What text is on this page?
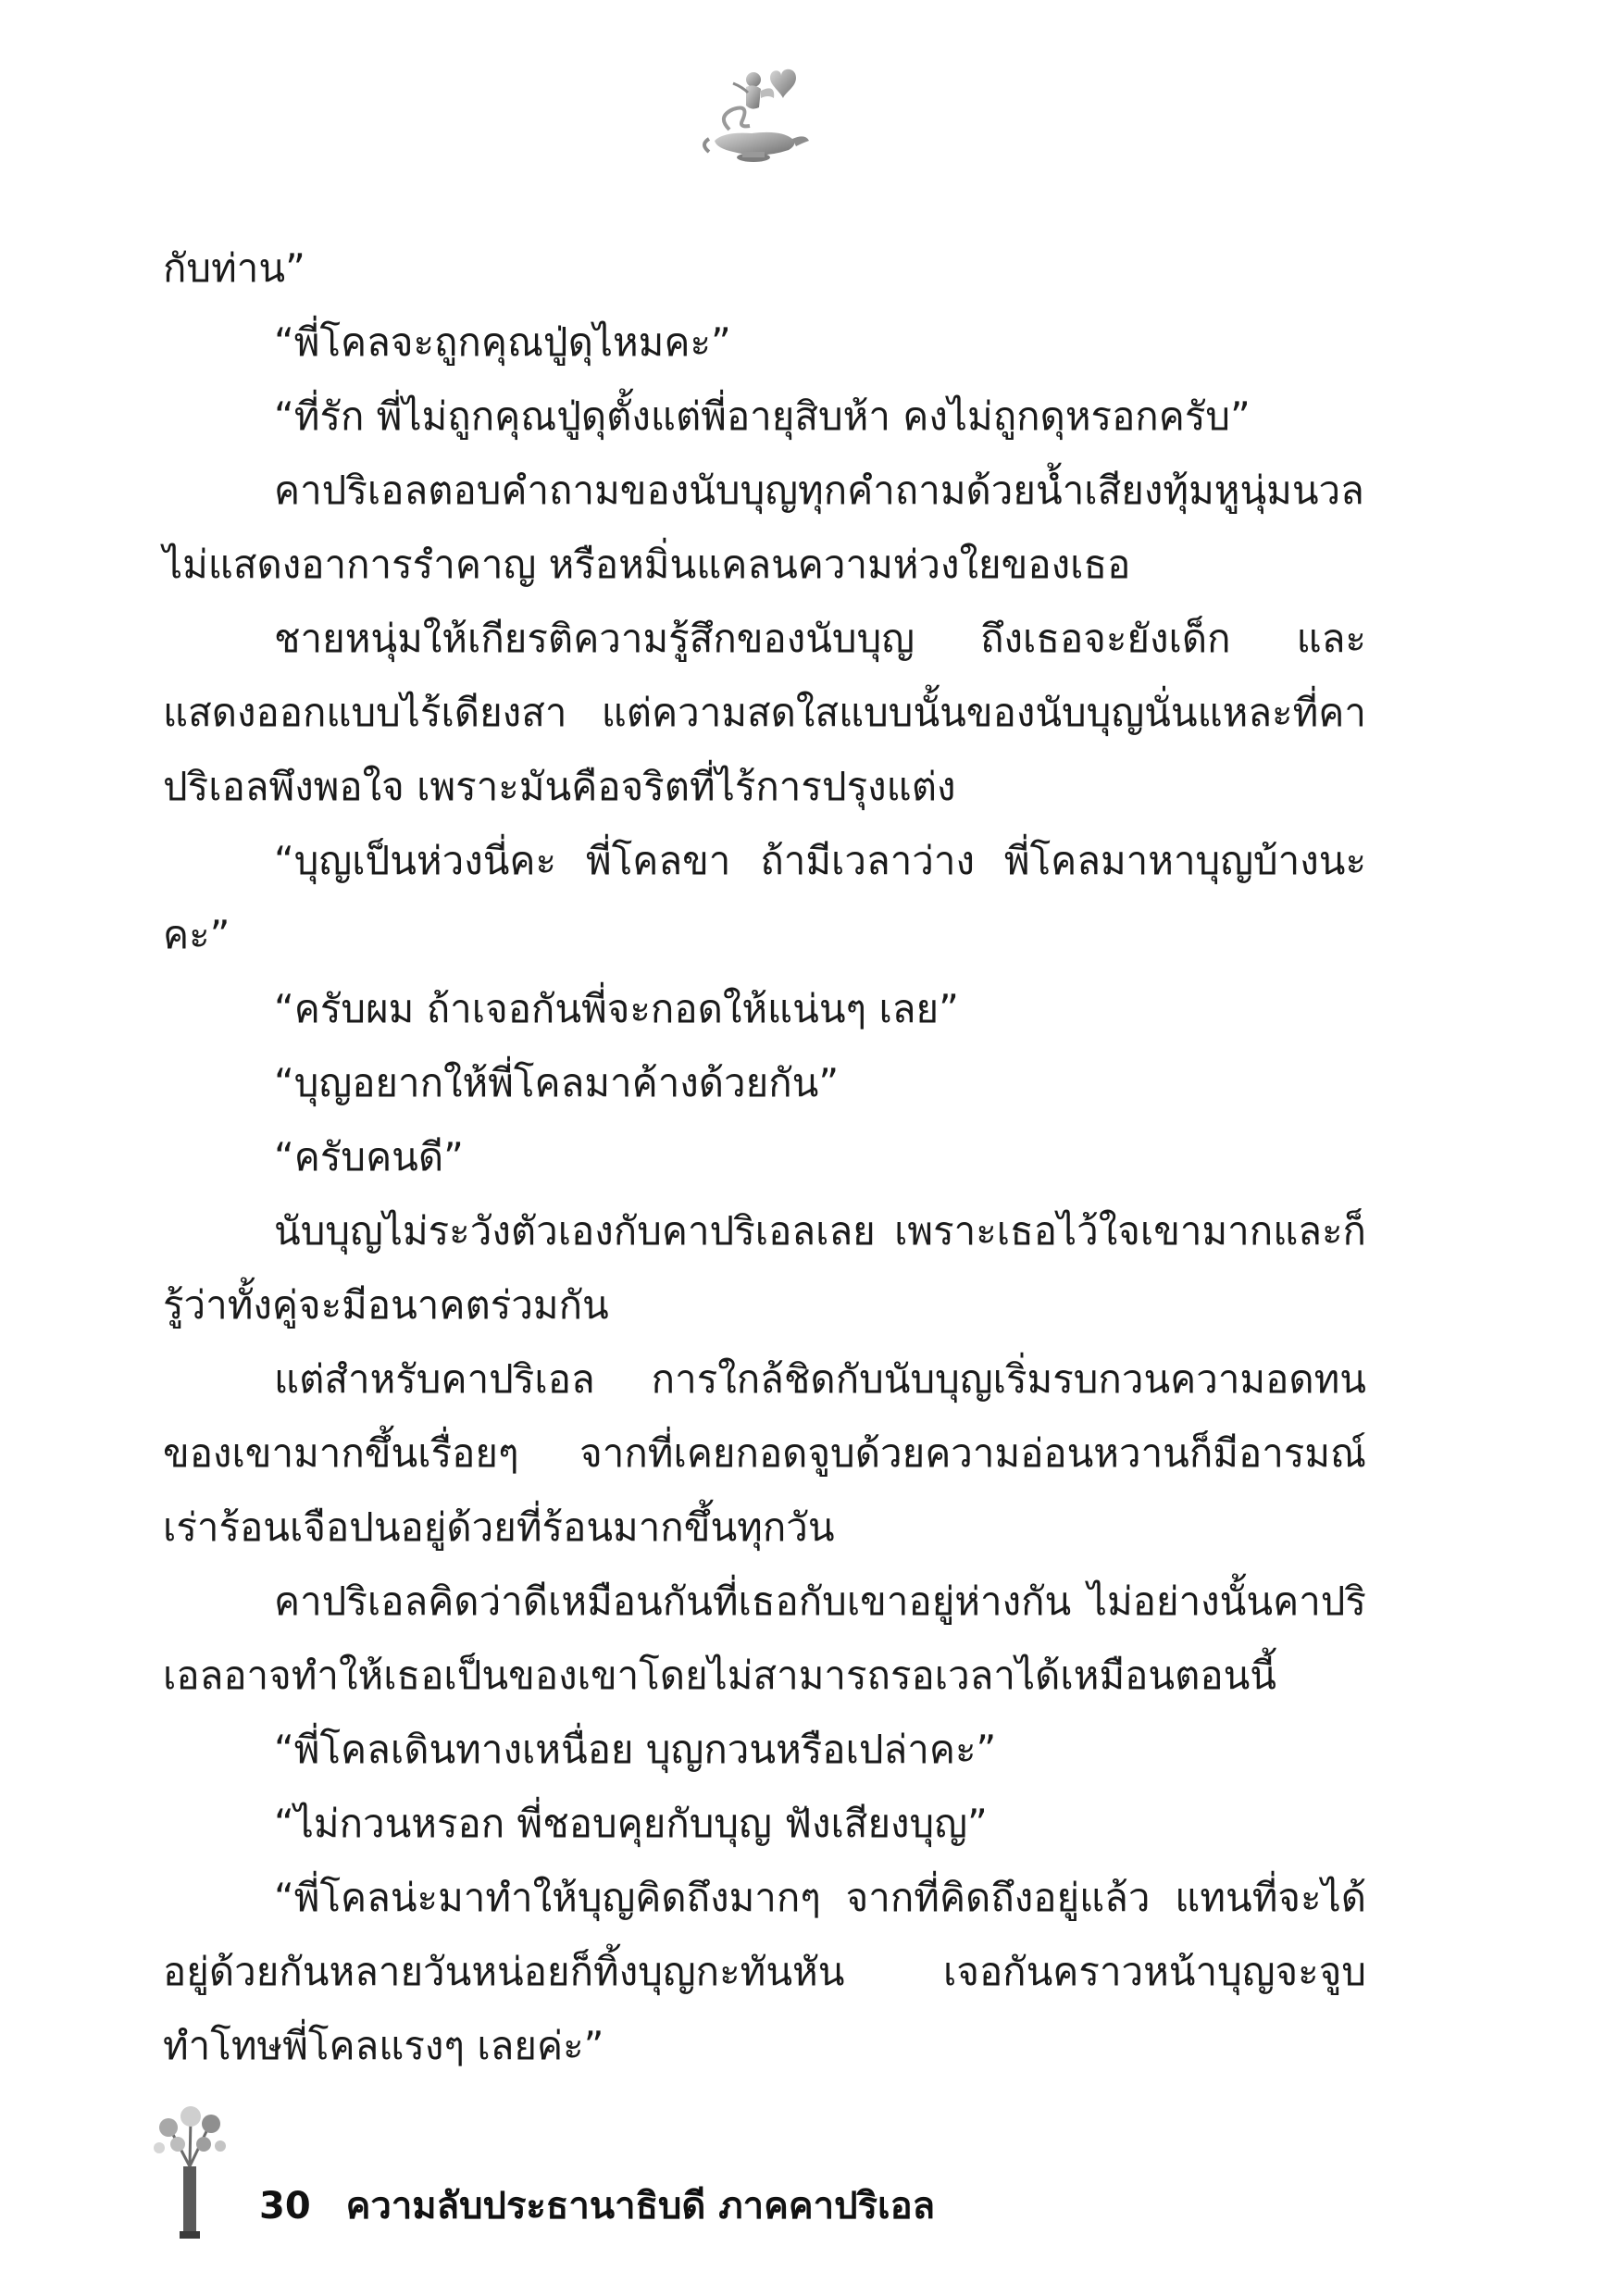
กับท่าน”

“พี่โคลจะถูกคุณปู่ดุไหมคะ”

“ที่รัก พี่ไม่ถูกคุณปู่ดุตั้งแต่พี่อายุสิบห้า คงไม่ถูกดุหรอกครับ”

คาปริเอลตอบคำถามของนับบุญทุกคำถามด้วยน้ำเสียงทุ้มหูนุ่มนวล ไม่แสดงอาการรำคาญ หรือหมิ่นแคลนความห่วงใยของเธอ

ชายหนุ่มให้เกียรติความรู้สึกของนับบุญ ถึงเธอจะยังเด็ก และแสดงออกแบบไร้เดียงสา แต่ความสดใสแบบนั้นของนับบุญนั่นแหละที่คาปริเอลพึงพอใจ เพราะมันคือจริตที่ไร้การปรุงแต่ง

“บุญเป็นห่วงนี่คะ พี่โคลขา ถ้ามีเวลาว่าง พี่โคลมาหาบุญบ้างนะคะ”

“ครับผม ถ้าเจอกันพี่จะกอดให้แน่นๆ เลย”

“บุญอยากให้พี่โคลมาค้างด้วยกัน”

“ครับคนดี”

นับบุญไม่ระวังตัวเองกับคาปริเอลเลย เพราะเธอไว้ใจเขามากและก็รู้ว่าทั้งคู่จะมีอนาคตร่วมกัน

แต่สำหรับคาปริเอล การใกล้ชิดกับนับบุญเริ่มรบกวนความอดทนของเขามากขึ้นเรื่อยๆ จากที่เคยกอดจูบด้วยความอ่อนหวานก็มีอารมณ์เร่าร้อนเจือปนอยู่ด้วยที่ร้อนมากขึ้นทุกวัน

คาปริเอลคิดว่าดีเหมือนกันที่เธอกับเขาอยู่ห่างกัน ไม่อย่างนั้นคาปริเอลอาจทำให้เธอเป็นของเขาโดยไม่สามารถรอเวลาได้เหมือนตอนนี้

“พี่โคลเดินทางเหนื่อย บุญกวนหรือเปล่าคะ”

“ไม่กวนหรอก พี่ชอบคุยกับบุญ ฟังเสียงบุญ”

“พี่โคลน่ะมาทำให้บุญคิดถึงมากๆ จากที่คิดถึงอยู่แล้ว แทนที่จะได้อยู่ด้วยกันหลายวันหน่อยก็ทิ้งบุญกะทันหัน เจอกันคราวหน้าบุญจะจูบทำโทษพี่โคลแรงๆ เลยค่ะ”

30 ความลับประธานาธิบดี ภาคคาปริเอล
